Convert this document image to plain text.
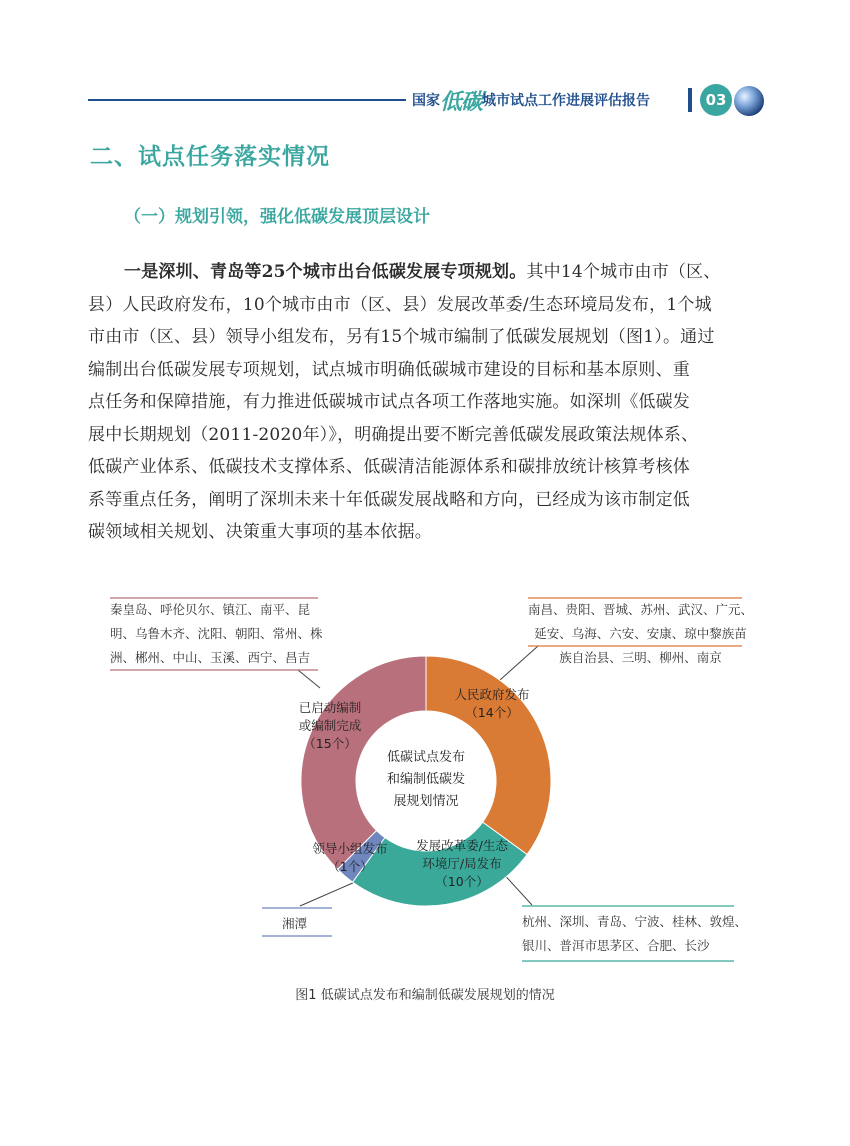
国家 低碳 城市试点工作进展评估报告	03
二、试点任务落实情况
（一）规划引领，强化低碳发展顶层设计
一是深圳、青岛等25个城市出台低碳发展专项规划。其中14个城市由市（区、
县）人民政府发布，10个城市由市（区、县）发展改革委/生态环境局发布，1个城
市由市（区、县）领导小组发布，另有15个城市编制了低碳发展规划（图1）。通过
编制出台低碳发展专项规划，试点城市明确低碳城市建设的目标和基本原则、重
点任务和保障措施，有力推进低碳城市试点各项工作落地实施。如深圳《低碳发
展中长期规划（2011-2020年）》，明确提出要不断完善低碳发展政策法规体系、
低碳产业体系、低碳技术支撑体系、低碳清洁能源体系和碳排放统计核算考核体
系等重点任务，阐明了深圳未来十年低碳发展战略和方向，已经成为该市制定低
碳领域相关规划、决策重大事项的基本依据。
人民政府发布
（14个）
发展改革委/生态
环境厅/局发布
（10个）
领导小组发布
（1个）
已启动编制
或编制完成
（15个）
低碳试点发布
和编制低碳发
展规划情况
秦皇岛、呼伦贝尔、镇江、南平、昆
明、乌鲁木齐、沈阳、朝阳、常州、株
洲、郴州、中山、玉溪、西宁、昌吉
南昌、贵阳、晋城、苏州、武汉、广元、
延安、乌海、六安、安康、琼中黎族苗
族自治县、三明、柳州、南京
杭州、深圳、青岛、宁波、桂林、敦煌、
银川、普洱市思茅区、合肥、长沙
湘潭
图1 低碳试点发布和编制低碳发展规划的情况
